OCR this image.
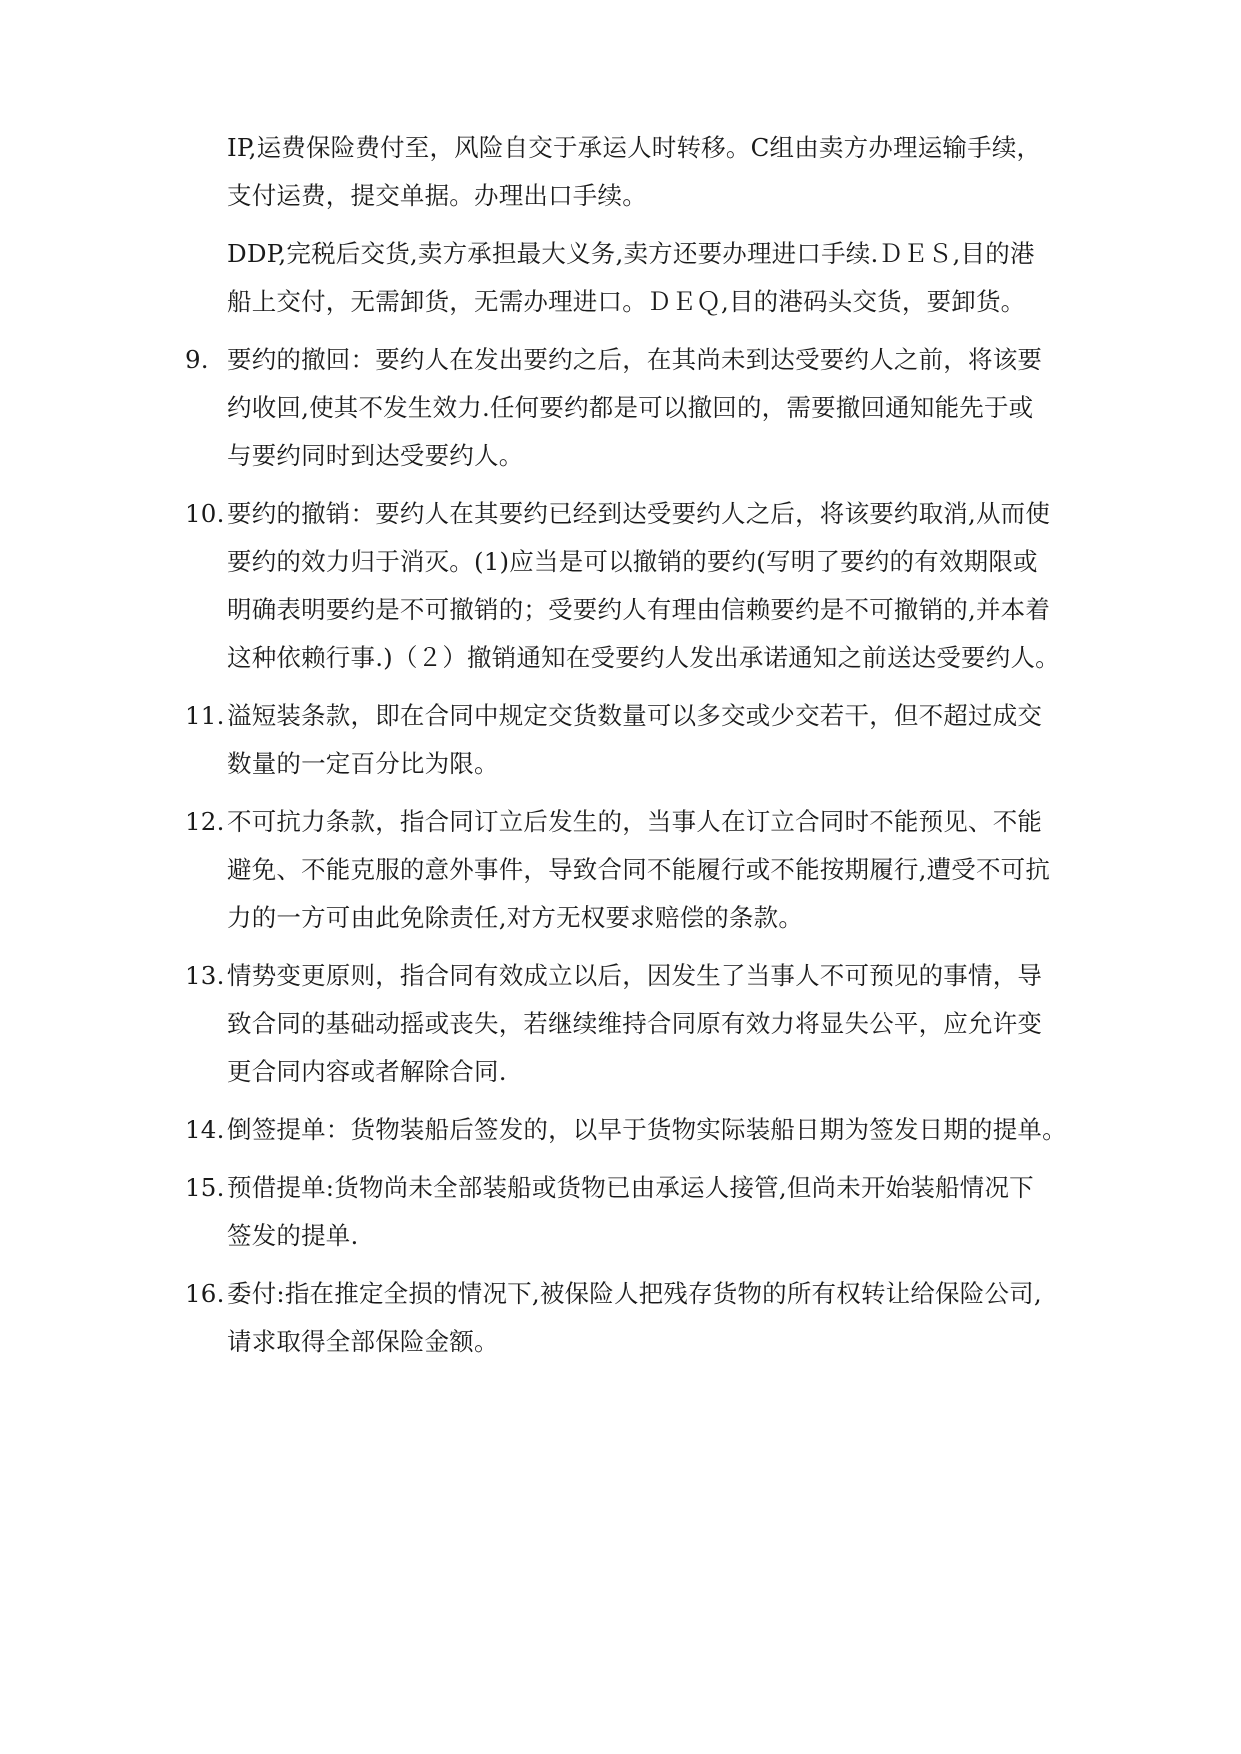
IP,运费保险费付至，风险自交于承运人时转移。C组由卖方办理运输手续，
支付运费，提交单据。办理出口手续。

DDP,完税后交货,卖方承担最大义务,卖方还要办理进口手续.ＤＥＳ,目的港
船上交付，无需卸货，无需办理进口。ＤＥＱ,目的港码头交货，要卸货。

9. 要约的撤回：要约人在发出要约之后，在其尚未到达受要约人之前，将该要
约收回,使其不发生效力.任何要约都是可以撤回的，需要撤回通知能先于或
与要约同时到达受要约人。
10. 要约的撤销：要约人在其要约已经到达受要约人之后，将该要约取消,从而使
要约的效力归于消灭。(1)应当是可以撤销的要约(写明了要约的有效期限或
明确表明要约是不可撤销的；受要约人有理由信赖要约是不可撤销的,并本着
这种依赖行事.)（２）撤销通知在受要约人发出承诺通知之前送达受要约人。
11. 溢短装条款，即在合同中规定交货数量可以多交或少交若干，但不超过成交
数量的一定百分比为限。
12. 不可抗力条款，指合同订立后发生的，当事人在订立合同时不能预见、不能
避免、不能克服的意外事件，导致合同不能履行或不能按期履行,遭受不可抗
力的一方可由此免除责任,对方无权要求赔偿的条款。
13. 情势变更原则，指合同有效成立以后，因发生了当事人不可预见的事情，导
致合同的基础动摇或丧失，若继续维持合同原有效力将显失公平，应允许变
更合同内容或者解除合同.
14. 倒签提单：货物装船后签发的，以早于货物实际装船日期为签发日期的提单。
15. 预借提单:货物尚未全部装船或货物已由承运人接管,但尚未开始装船情况下
签发的提单.
16. 委付:指在推定全损的情况下,被保险人把残存货物的所有权转让给保险公司,
请求取得全部保险金额。
